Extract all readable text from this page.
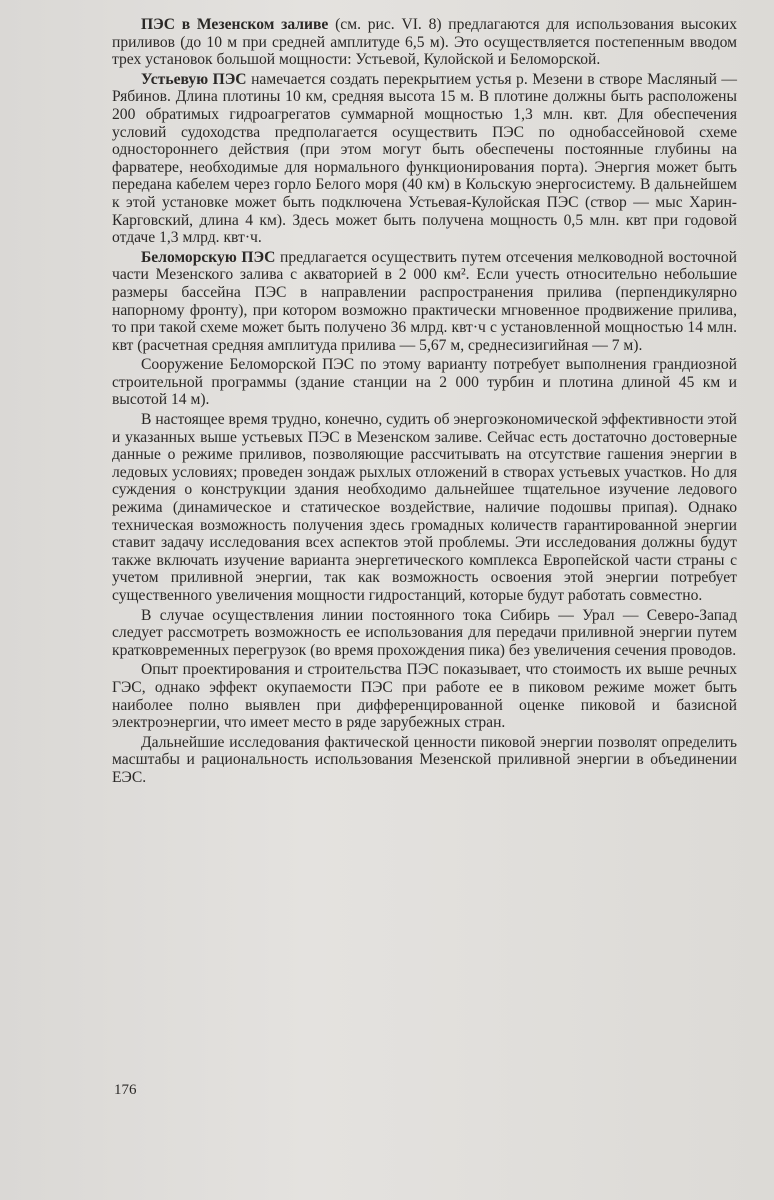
ПЭС в Мезенском заливе (см. рис. VI. 8) предлагаются для использования высоких приливов (до 10 м при средней амплитуде 6,5 м). Это осуществляется постепенным вводом трех установок большой мощности: Устьевой, Кулойской и Беломорской.

Устьевую ПЭС намечается создать перекрытием устья р. Мезени в створе Масляный — Рябинов. Длина плотины 10 км, средняя высота 15 м. В плотине должны быть расположены 200 обратимых гидроагрегатов суммарной мощностью 1,3 млн. квт. Для обеспечения условий судоходства предполагается осуществить ПЭС по однобассейновой схеме одностороннего действия (при этом могут быть обеспечены постоянные глубины на фарватере, необходимые для нормального функционирования порта). Энергия может быть передана кабелем через горло Белого моря (40 км) в Кольскую энергосистему. В дальнейшем к этой установке может быть подключена Устьевая-Кулойская ПЭС (створ — мыс Харин-Карговский, длина 4 км). Здесь может быть получена мощность 0,5 млн. квт при годовой отдаче 1,3 млрд. квт·ч.

Беломорскую ПЭС предлагается осуществить путем отсечения мелководной восточной части Мезенского залива с акваторией в 2 000 км². Если учесть относительно небольшие размеры бассейна ПЭС в направлении распространения прилива (перпендикулярно напорному фронту), при котором возможно практически мгновенное продвижение прилива, то при такой схеме может быть получено 36 млрд. квт·ч с установленной мощностью 14 млн. квт (расчетная средняя амплитуда прилива — 5,67 м, среднесизигийная — 7 м).

Сооружение Беломорской ПЭС по этому варианту потребует выполнения грандиозной строительной программы (здание станции на 2 000 турбин и плотина длиной 45 км и высотой 14 м).

В настоящее время трудно, конечно, судить об энергоэкономической эффективности этой и указанных выше устьевых ПЭС в Мезенском заливе. Сейчас есть достаточно достоверные данные о режиме приливов, позволяющие рассчитывать на отсутствие гашения энергии в ледовых условиях; проведен зондаж рыхлых отложений в створах устьевых участков. Но для суждения о конструкции здания необходимо дальнейшее тщательное изучение ледового режима (динамическое и статическое воздействие, наличие подошвы припая). Однако техническая возможность получения здесь громадных количеств гарантированной энергии ставит задачу исследования всех аспектов этой проблемы. Эти исследования должны будут также включать изучение варианта энергетического комплекса Европейской части страны с учетом приливной энергии, так как возможность освоения этой энергии потребует существенного увеличения мощности гидростанций, которые будут работать совместно.

В случае осуществления линии постоянного тока Сибирь — Урал — Северо-Запад следует рассмотреть возможность ее использования для передачи приливной энергии путем кратковременных перегрузок (во время прохождения пика) без увеличения сечения проводов.

Опыт проектирования и строительства ПЭС показывает, что стоимость их выше речных ГЭС, однако эффект окупаемости ПЭС при работе ее в пиковом режиме может быть наиболее полно выявлен при дифференцированной оценке пиковой и базисной электроэнергии, что имеет место в ряде зарубежных стран.

Дальнейшие исследования фактической ценности пиковой энергии позволят определить масштабы и рациональность использования Мезенской приливной энергии в объединении ЕЭС.

176
